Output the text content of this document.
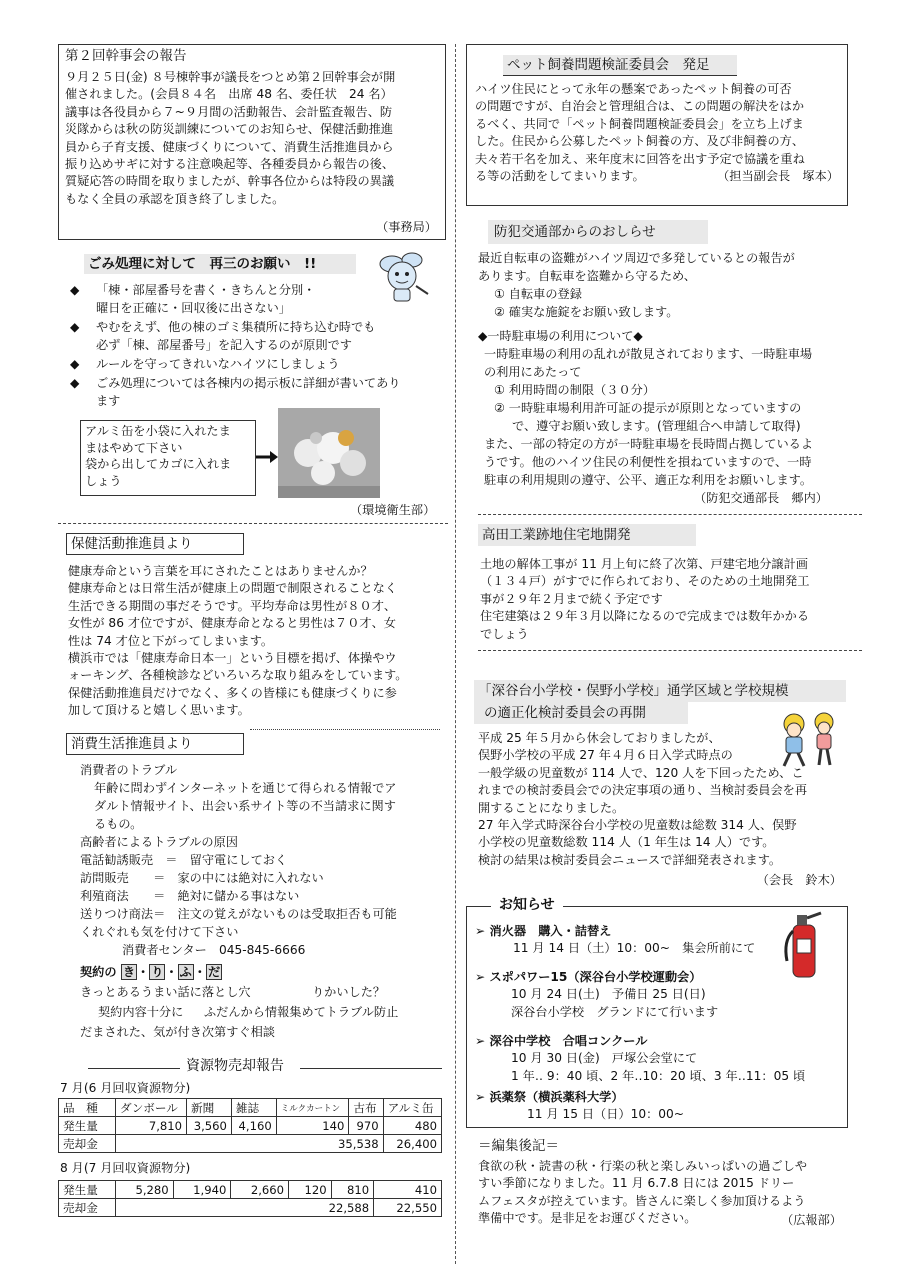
第２回幹事会の報告

９月２５日(金) ８号棟幹事が議長をつとめ第２回幹事会が開

催されました。(会員８４名　出席 48 名、委任状　24 名）

議事は各役員から７~９月間の活動報告、会計監査報告、防

災隊からは秋の防災訓練についてのお知らせ、保健活動推進

員から子育支援、健康づくりについて、消費生活推進員から

振り込めサギに対する注意喚起等、各種委員から報告の後、

質疑応答の時間を取りましたが、幹事各位からは特段の異議

もなく全員の承認を頂き終了しました。

（事務局）
ごみ処理に対して　再三のお願い　!!
◆ 「棟・部屋番号を書く・きちんと分別・

曜日を正確に・回収後に出さない」

◆ やむをえず、他の棟のゴミ集積所に持ち込む時でも

必ず「棟、部屋番号」を記入するのが原則です

◆ ルールを守ってきれいなハイツにしましょう

◆ ごみ処理については各棟内の掲示板に詳細が書いてあり

ます

アルミ缶を小袋に入れたま

まはやめて下さい

袋から出してカゴに入れま

しょう

（環境衛生部）
保健活動推進員より

健康寿命という言葉を耳にされたことはありませんか？

健康寿命とは日常生活が健康上の問題で制限されることなく

生活できる期間の事だそうです。平均寿命は男性が８０才、

女性が 86 才位ですが、健康寿命となると男性は７０才、女

性は 74 才位と下がってしまいます。

横浜市では「健康寿命日本一」という目標を掲げ、体操やウ

ォーキング、各種検診などいろいろな取り組みをしています。

保健活動推進員だけでなく、多くの皆様にも健康づくりに参

加して頂けると嬉しく思います。

消費生活推進員より

消費者のトラブル

年齢に問わずインターネットを通じて得られる情報でア

ダルト情報サイト、出会い系サイト等の不当請求に関す

るもの。

高齢者によるトラブルの原因

電話勧誘販売　＝　留守電にしておく

訪問販売　　＝　家の中には絶対に入れない

利殖商法　　＝　絶対に儲かる事はない

送りつけ商法＝　注文の覚えがないものは受取拒否も可能

くれぐれも気を付けて下さい

消費者センター　045-845-6666

契約の き ・ り ・ ふ ・ だ

きっとあるうまい話に落とし穴	りかいした？

契約内容十分に ふだんから情報集めてトラブル防止

だまされた、気が付き次第すぐ相談

資源物売却報告
7 月(6 月回収資源物分)
品　種	ダンボール	新聞	雑誌	ミルクカートン	古布	アルミ缶
発生量	7,810	3,560	4,160	140	970	480
売却金	35,538					26,400
8 月(7 月回収資源物分)
発生量	5,280	1,940	2,660	120	810	410
売却金	22,588					22,550
ペット飼養問題検証委員会　発足

ハイツ住民にとって永年の懸案であったペット飼養の可否

の問題ですが、自治会と管理組合は、この問題の解決をはか

るべく、共同で「ペット飼養問題検証委員会」を立ち上げま

した。住民から公募したペット飼養の方、及び非飼養の方、

夫々若干名を加え、来年度末に回答を出す予定で協議を重ね

る等の活動をしてまいります。	（担当副会長　塚本）
防犯交通部からのおしらせ

最近自転車の盗難がハイツ周辺で多発しているとの報告が

あります。自転車を盗難から守るため、

① 自転車の登録

② 確実な施錠をお願い致します。

◆一時駐車場の利用について◆

一時駐車場の利用の乱れが散見されております、一時駐車場

の利用にあたって

① 利用時間の制限（３０分）

② 一時駐車場利用許可証の提示が原則となっていますの

で、遵守お願い致します。(管理組合へ申請して取得)

また、一部の特定の方が一時駐車場を長時間占拠しているよ

うです。他のハイツ住民の利便性を損ねていますので、一時

駐車の利用規則の遵守、公平、適正な利用をお願いします。

（防犯交通部長　郷内）

高田工業跡地住宅地開発

土地の解体工事が 11 月上旬に終了次第、戸建宅地分譲計画

（１３４戸）がすでに作られており、そのための土地開発工

事が２９年２月まで続く予定です

住宅建築は２９年３月以降になるので完成までは数年かかる

でしょう

「深谷台小学校・俣野小学校」通学区域と学校規模
の適正化検討委員会の再開

平成 25 年５月から休会しておりましたが、

俣野小学校の平成 27 年４月６日入学式時点の

一般学級の児童数が 114 人で、120 人を下回ったため、こ

れまでの検討委員会での決定事項の通り、当検討委員会を再

開することになりました。

27 年入学式時深谷台小学校の児童数は総数 314 人、俣野

小学校の児童数総数 114 人（1 年生は 14 人）です。

検討の結果は検討委員会ニュースで詳細発表されます。

（会長　鈴木）
お知らせ

➢ 消火器　購入・詰替え

11 月 14 日（土）10：00~　集会所前にて

➢ スポパワー15（深谷台小学校運動会）

10 月 24 日(土)　予備日 25 日(日)

深谷台小学校　グランドにて行います

➢ 深谷中学校　合唱コンクール

10 月 30 日(金)　戸塚公会堂にて

1 年‥ 9：40 頃、2 年‥10：20 頃、3 年‥11：05 頃

➢ 浜薬祭（横浜薬科大学）

11 月 15 日（日）10：00~

＝編集後記＝

食欲の秋・読書の秋・行楽の秋と楽しみいっぱいの過ごしや

すい季節になりました。11 月 6.7.8 日には 2015 ドリー

ムフェスタが控えています。皆さんに楽しく参加頂けるよう

準備中です。是非足をお運びください。	（広報部）
